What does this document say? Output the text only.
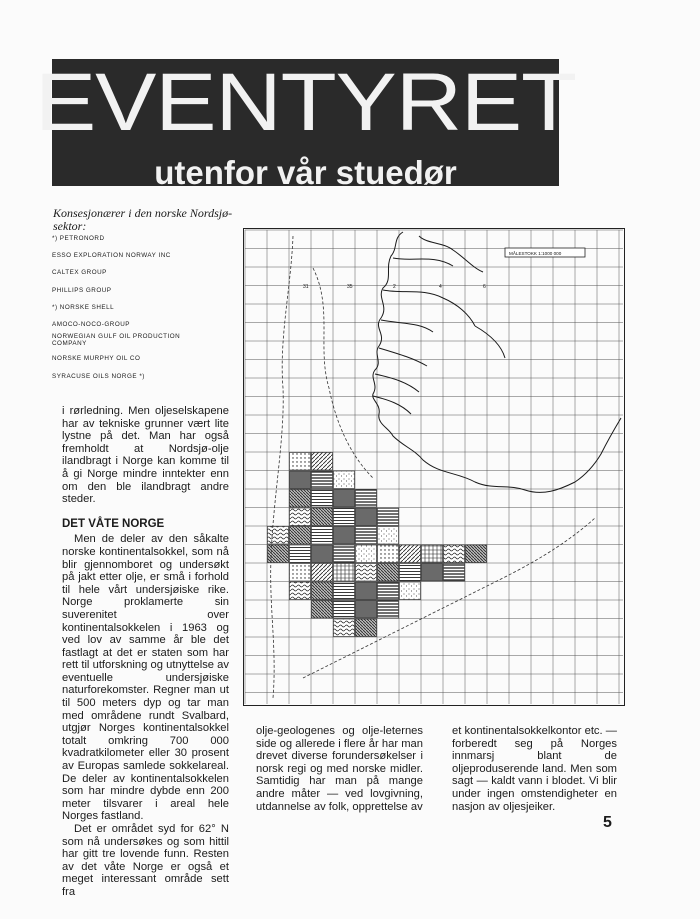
EVENTYRET
utenfor vår stuedør
Konsesjonærer i den norske Nordsjø-sektor:
*) PETRONORD
ESSO EXPLORATION NORWAY INC
CALTEX GROUP
PHILLIPS GROUP
*) NORSKE SHELL
AMOCO-NOCO-GROUP
NORWEGIAN GULF OIL PRODUCTION COMPANY
NORSKE MURPHY OIL CO
SYRACUSE OILS NORGE *)

i rørledning. Men oljeselskapene har av tekniske grunner vært lite lystne på det. Man har også fremholdt at Nordsjø-olje ilandbragt i Norge kan komme til å gi Norge mindre inntekter enn om den ble ilandbragt andre steder.

DET VÅTE NORGE

Men de deler av den såkalte norske kontinentalsokkel, som nå blir gjennomboret og undersøkt på jakt etter olje, er små i forhold til hele vårt undersjøiske rike. Norge proklamerte sin suverenitet over kontinentalsokkelen i 1963 og ved lov av samme år ble det fastlagt at det er staten som har rett til utforskning og utnyttelse av eventuelle undersjøiske naturforekomster. Regner man ut til 500 meters dyp og tar man med områdene rundt Svalbard, utgjør Norges kontinentalsokkel totalt omkring 700 000 kvadratkilometer eller 30 prosent av Europas samlede sokkelareal. De deler av kontinentalsokkelen som har mindre dybde enn 200 meter tilsvarer i areal hele Norges fastland.

Det er området syd for 62° N som nå undersøkes og som hittil har gitt tre lovende funn. Resten av det våte Norge er også et meget interessant område sett fra

olje-geologenes og olje-leternes side og allerede i flere år har man drevet diverse forundersøkelser i norsk regi og med norske midler. Samtidig har man på mange andre måter — ved lovgivning, utdannelse av folk, opprettelse av

et kontinentalsokkelkontor etc. — forberedt seg på Norges innmarsj blant de oljeproduserende land. Men som sagt — kaldt vann i blodet. Vi blir under ingen omstendigheter en nasjon av oljesjeiker.

5
MÅLESTOKK 1:1000 000
31	35	2	4	6
